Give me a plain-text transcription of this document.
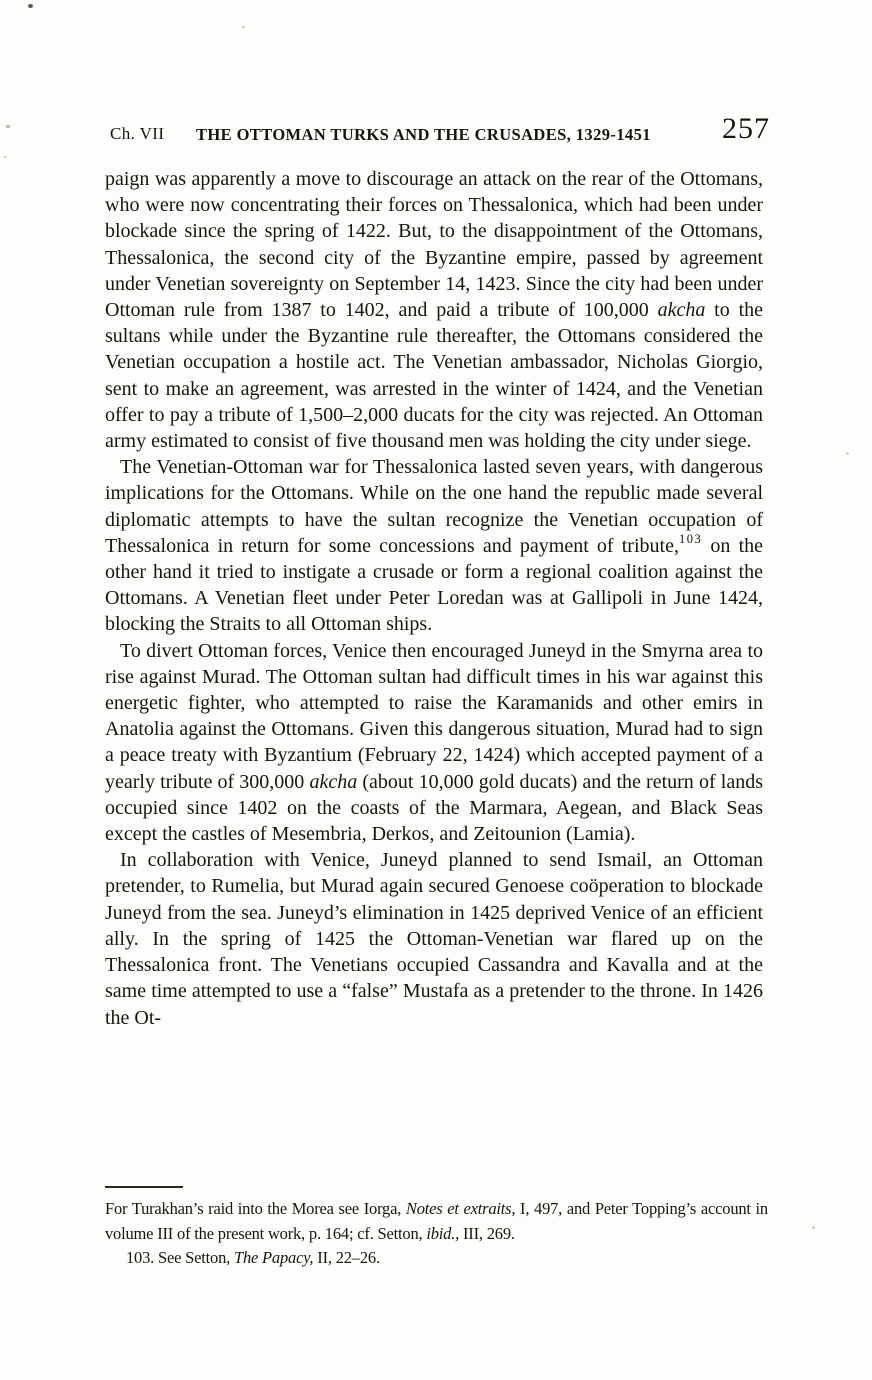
Ch. VII THE OTTOMAN TURKS AND THE CRUSADES, 1329-1451 257

paign was apparently a move to discourage an attack on the rear of the Ottomans, who were now concentrating their forces on Thessalonica, which had been under blockade since the spring of 1422. But, to the disappointment of the Ottomans, Thessalonica, the second city of the Byzantine empire, passed by agreement under Venetian sovereignty on September 14, 1423. Since the city had been under Ottoman rule from 1387 to 1402, and paid a tribute of 100,000 akcha to the sultans while under the Byzantine rule thereafter, the Ottomans considered the Venetian occupation a hostile act. The Venetian ambassador, Nicholas Giorgio, sent to make an agreement, was arrested in the winter of 1424, and the Venetian offer to pay a tribute of 1,500–2,000 ducats for the city was rejected. An Ottoman army estimated to consist of five thousand men was holding the city under siege.

The Venetian-Ottoman war for Thessalonica lasted seven years, with dangerous implications for the Ottomans. While on the one hand the republic made several diplomatic attempts to have the sultan recognize the Venetian occupation of Thessalonica in return for some concessions and payment of tribute,$^{103}$ on the other hand it tried to instigate a crusade or form a regional coalition against the Ottomans. A Venetian fleet under Peter Loredan was at Gallipoli in June 1424, blocking the Straits to all Ottoman ships.

To divert Ottoman forces, Venice then encouraged Juneyd in the Smyrna area to rise against Murad. The Ottoman sultan had difficult times in his war against this energetic fighter, who attempted to raise the Karamanids and other emirs in Anatolia against the Ottomans. Given this dangerous situation, Murad had to sign a peace treaty with Byzantium (February 22, 1424) which accepted payment of a yearly tribute of 300,000 akcha (about 10,000 gold ducats) and the return of lands occupied since 1402 on the coasts of the Marmara, Aegean, and Black Seas except the castles of Mesembria, Derkos, and Zeitounion (Lamia).

In collaboration with Venice, Juneyd planned to send Ismail, an Ottoman pretender, to Rumelia, but Murad again secured Genoese coöperation to blockade Juneyd from the sea. Juneyd’s elimination in 1425 deprived Venice of an efficient ally. In the spring of 1425 the Ottoman-Venetian war flared up on the Thessalonica front. The Venetians occupied Cassandra and Kavalla and at the same time attempted to use a “false” Mustafa as a pretender to the throne. In 1426 the Ot-

For Turakhan’s raid into the Morea see Iorga, Notes et extraits, I, 497, and Peter Topping’s account in volume III of the present work, p. 164; cf. Setton, ibid., III, 269.

103. See Setton, The Papacy, II, 22–26.
